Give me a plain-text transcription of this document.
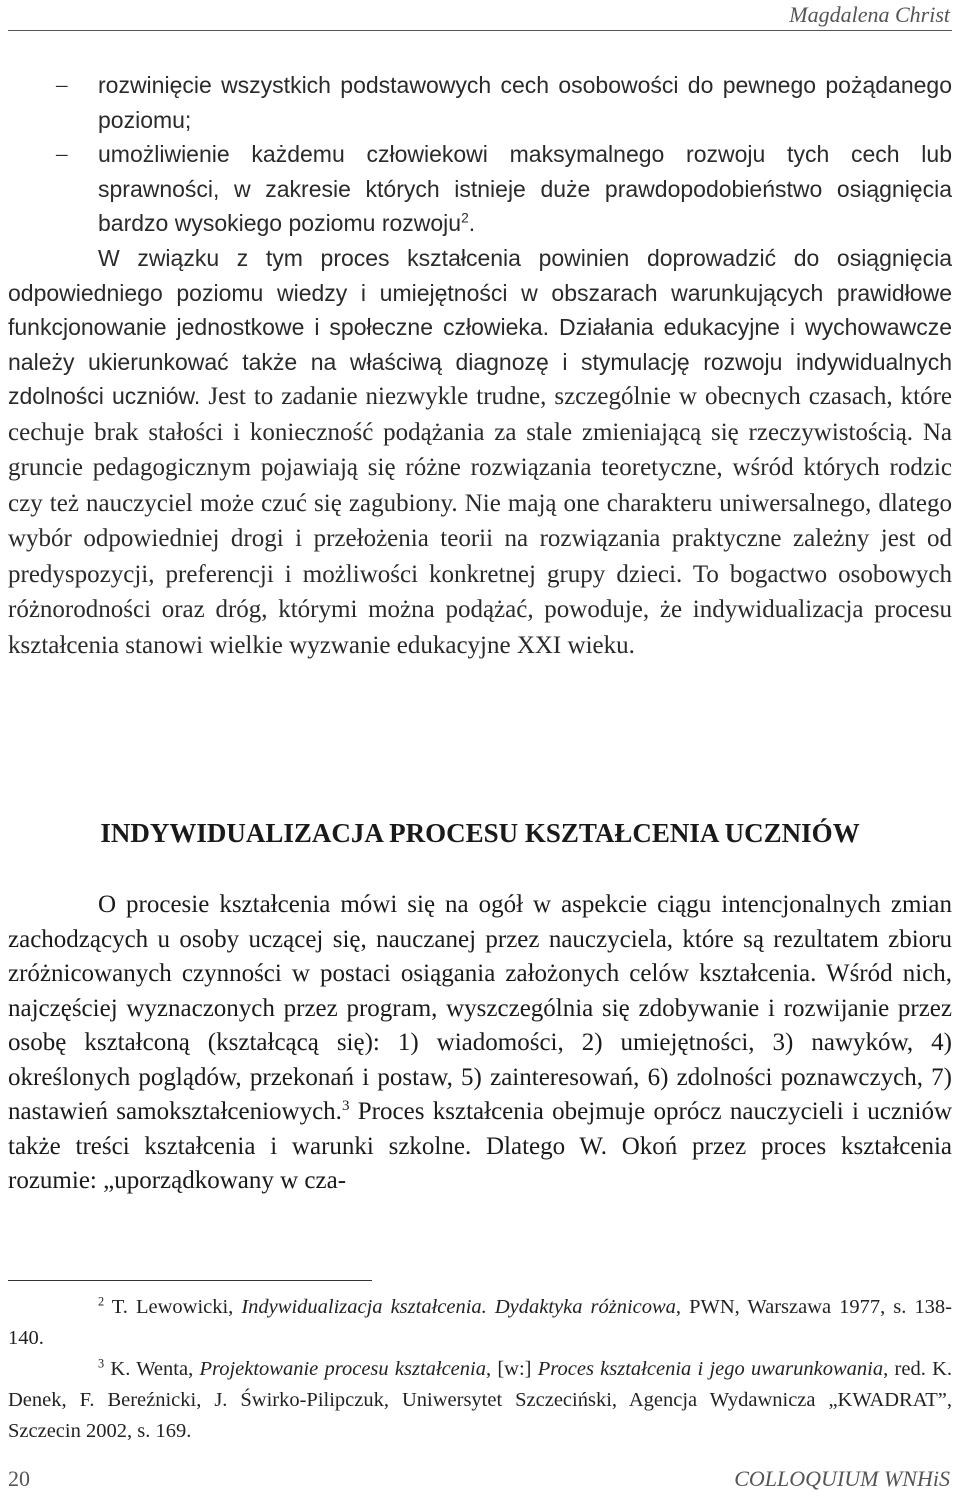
Magdalena Christ

– rozwinięcie wszystkich podstawowych cech osobowości do pewnego pożądanego poziomu;
– umożliwienie każdemu człowiekowi maksymalnego rozwoju tych cech lub sprawności, w zakresie których istnieje duże prawdopodobieństwo osiągnięcia bardzo wysokiego poziomu rozwoju$^2$.

W związku z tym proces kształcenia powinien doprowadzić do osiągnięcia odpowiedniego poziomu wiedzy i umiejętności w obszarach warunkujących prawidłowe funkcjonowanie jednostkowe i społeczne człowieka. Działania edukacyjne i wychowawcze należy ukierunkować także na właściwą diagnozę i stymulację rozwoju indywidualnych zdolności uczniów. Jest to zadanie niezwykle trudne, szczególnie w obecnych czasach, które cechuje brak stałości i konieczność podążania za stale zmieniającą się rzeczywistością. Na gruncie pedagogicznym pojawiają się różne rozwiązania teoretyczne, wśród których rodzic czy też nauczyciel może czuć się zagubiony. Nie mają one charakteru uniwersalnego, dlatego wybór odpowiedniej drogi i przełożenia teorii na rozwiązania praktyczne zależny jest od predyspozycji, preferencji i możliwości konkretnej grupy dzieci. To bogactwo osobowych różnorodności oraz dróg, którymi można podążać, powoduje, że indywidualizacja procesu kształcenia stanowi wielkie wyzwanie edukacyjne XXI wieku.

INDYWIDUALIZACJA PROCESU KSZTAŁCENIA UCZNIÓW

O procesie kształcenia mówi się na ogół w aspekcie ciągu intencjonalnych zmian zachodzących u osoby uczącej się, nauczanej przez nauczyciela, które są rezultatem zbioru zróżnicowanych czynności w postaci osiągania założonych celów kształcenia. Wśród nich, najczęściej wyznaczonych przez program, wyszczególnia się zdobywanie i rozwijanie przez osobę kształconą (kształcącą się): 1) wiadomości, 2) umiejętności, 3) nawyków, 4) określonych poglądów, przekonań i postaw, 5) zainteresowań, 6) zdolności poznawczych, 7) nastawień samokształceniowych.$^3$ Proces kształcenia obejmuje oprócz nauczycieli i uczniów także treści kształcenia i warunki szkolne. Dlatego W. Okoń przez proces kształcenia rozumie: „uporządkowany w cza-

$^2$ T. Lewowicki, Indywidualizacja kształcenia. Dydaktyka różnicowa, PWN, Warszawa 1977, s. 138-140.

$^3$ K. Wenta, Projektowanie procesu kształcenia, [w:] Proces kształcenia i jego uwarunkowania, red. K. Denek, F. Bereźnicki, J. Świrko-Pilipczuk, Uniwersytet Szczeciński, Agencja Wydawnicza „KWADRAT”, Szczecin 2002, s. 169.

20	COLLOQUIUM WNHiS
